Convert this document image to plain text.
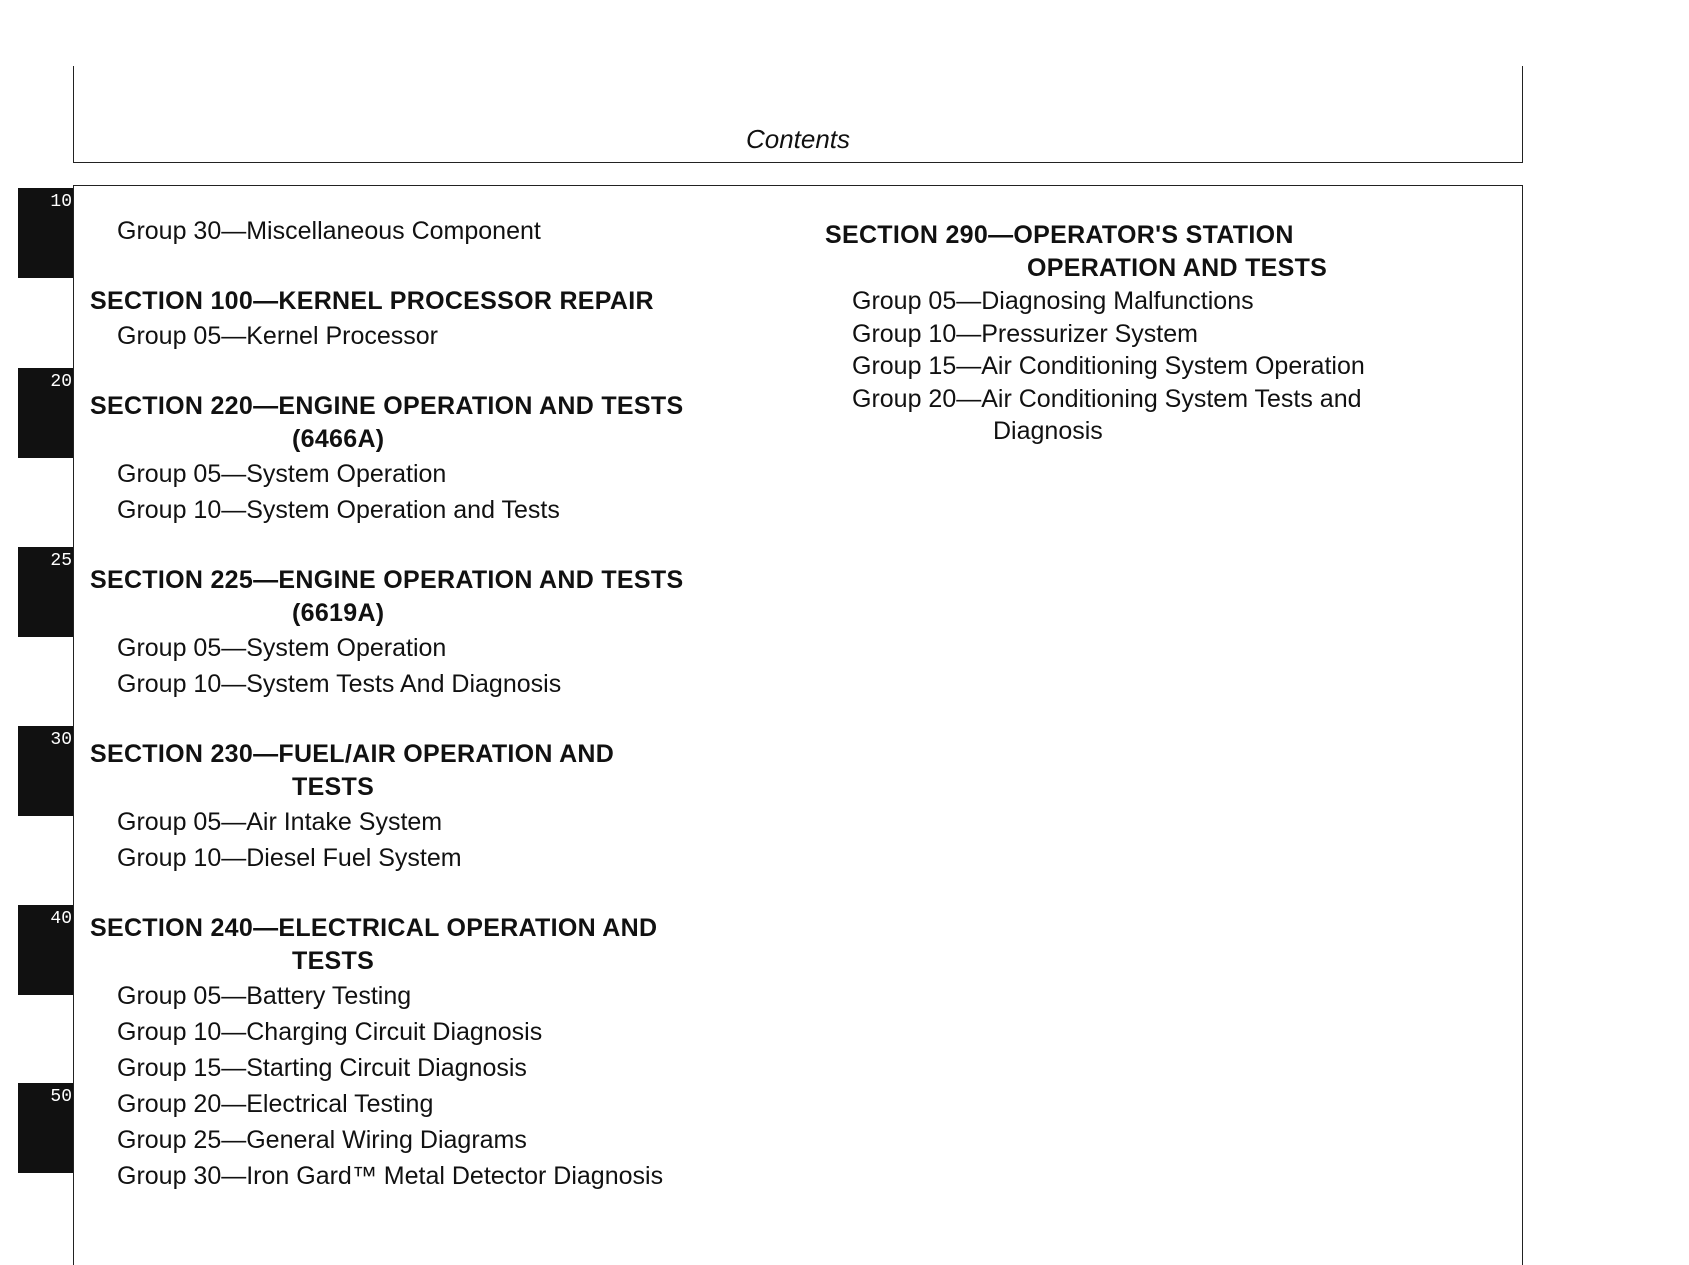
Contents
10
20
25
30
40
50

Group 30—Miscellaneous Component

SECTION 100—KERNEL PROCESSOR REPAIR

Group 05—Kernel Processor

SECTION 220—ENGINE OPERATION AND TESTS
(6466A)

Group 05—System Operation

Group 10—System Operation and Tests

SECTION 225—ENGINE OPERATION AND TESTS
(6619A)

Group 05—System Operation

Group 10—System Tests And Diagnosis

SECTION 230—FUEL/AIR OPERATION AND
TESTS

Group 05—Air Intake System

Group 10—Diesel Fuel System

SECTION 240—ELECTRICAL OPERATION AND
TESTS

Group 05—Battery Testing

Group 10—Charging Circuit Diagnosis

Group 15—Starting Circuit Diagnosis

Group 20—Electrical Testing

Group 25—General Wiring Diagrams

Group 30—Iron Gard™ Metal Detector Diagnosis

SECTION 290—OPERATOR'S STATION
OPERATION AND TESTS

Group 05—Diagnosing Malfunctions

Group 10—Pressurizer System

Group 15—Air Conditioning System Operation

Group 20—Air Conditioning System Tests and

Diagnosis
